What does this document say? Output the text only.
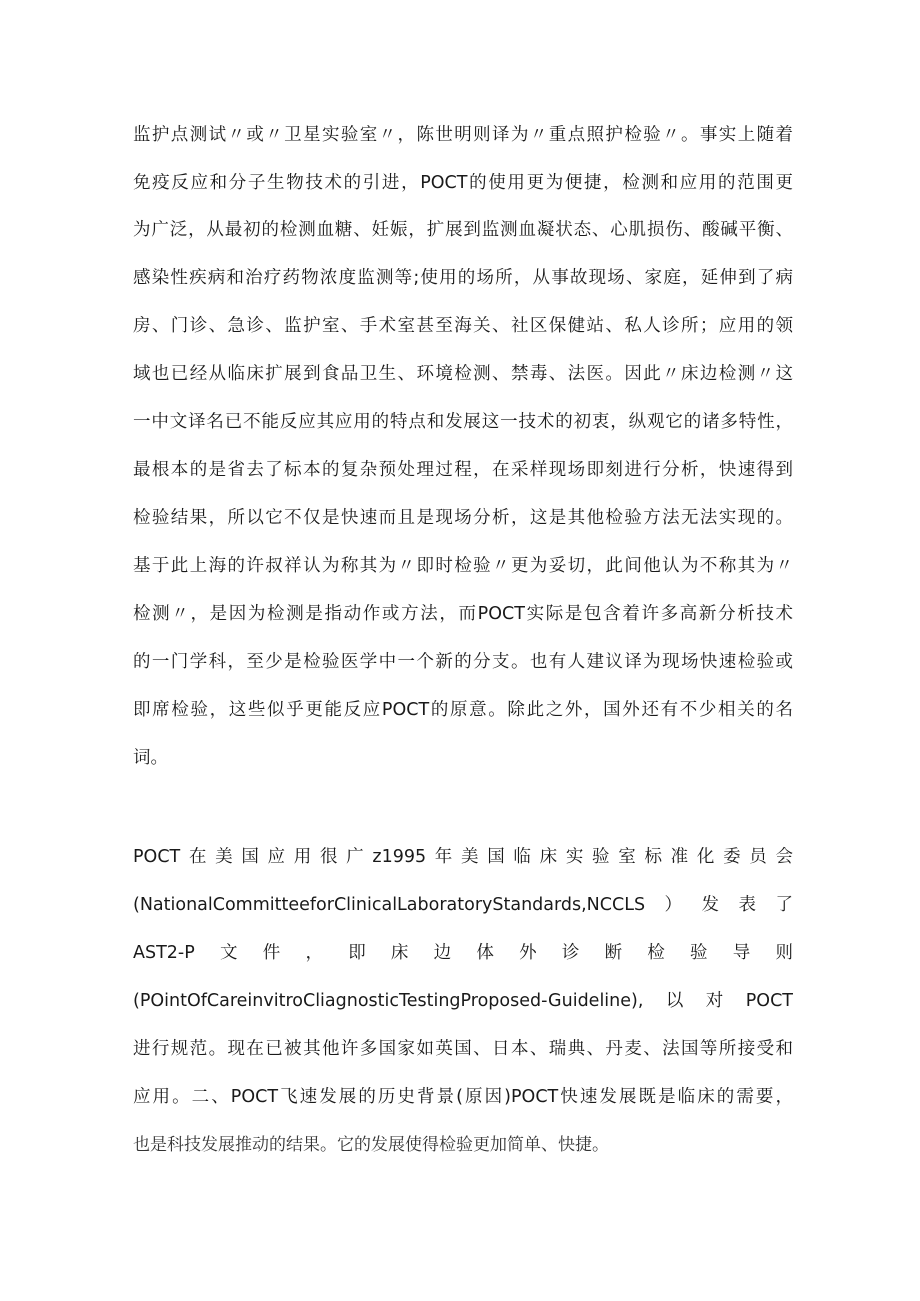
监护点测试〃或〃卫星实验室〃，陈世明则译为〃重点照护检验〃。事实上随着
免疫反应和分子生物技术的引进，POCT的使用更为便捷，检测和应用的范围更
为广泛，从最初的检测血糖、妊娠，扩展到监测血凝状态、心肌损伤、酸碱平衡、
感染性疾病和治疗药物浓度监测等;使用的场所，从事故现场、家庭，延伸到了病
房、门诊、急诊、监护室、手术室甚至海关、社区保健站、私人诊所；应用的领
域也已经从临床扩展到食品卫生、环境检测、禁毒、法医。因此〃床边检测〃这
一中文译名已不能反应其应用的特点和发展这一技术的初衷，纵观它的诸多特性，
最根本的是省去了标本的复杂预处理过程，在采样现场即刻进行分析，快速得到
检验结果，所以它不仅是快速而且是现场分析，这是其他检验方法无法实现的。
基于此上海的许叔祥认为称其为〃即时检验〃更为妥切，此间他认为不称其为〃
检测〃，是因为检测是指动作或方法，而POCT实际是包含着许多高新分析技术
的一门学科，至少是检验医学中一个新的分支。也有人建议译为现场快速检验或
即席检验，这些似乎更能反应POCT的原意。除此之外，国外还有不少相关的名
词。
POCT在美国应用很广z1995年美国临床实验室标准化委员会
(NationalCommitteeforClinicalLaboratoryStandards,NCCLS）发表了
AST2-P文件，即床边体外诊断检验导则
(POintOfCareinvitroCliagnosticTestingProposed-Guideline),以对POCT
进行规范。现在已被其他许多国家如英国、日本、瑞典、丹麦、法国等所接受和
应用。二、POCT飞速发展的历史背景(原因)POCT快速发展既是临床的需要，
也是科技发展推动的结果。它的发展使得检验更加简单、快捷。
